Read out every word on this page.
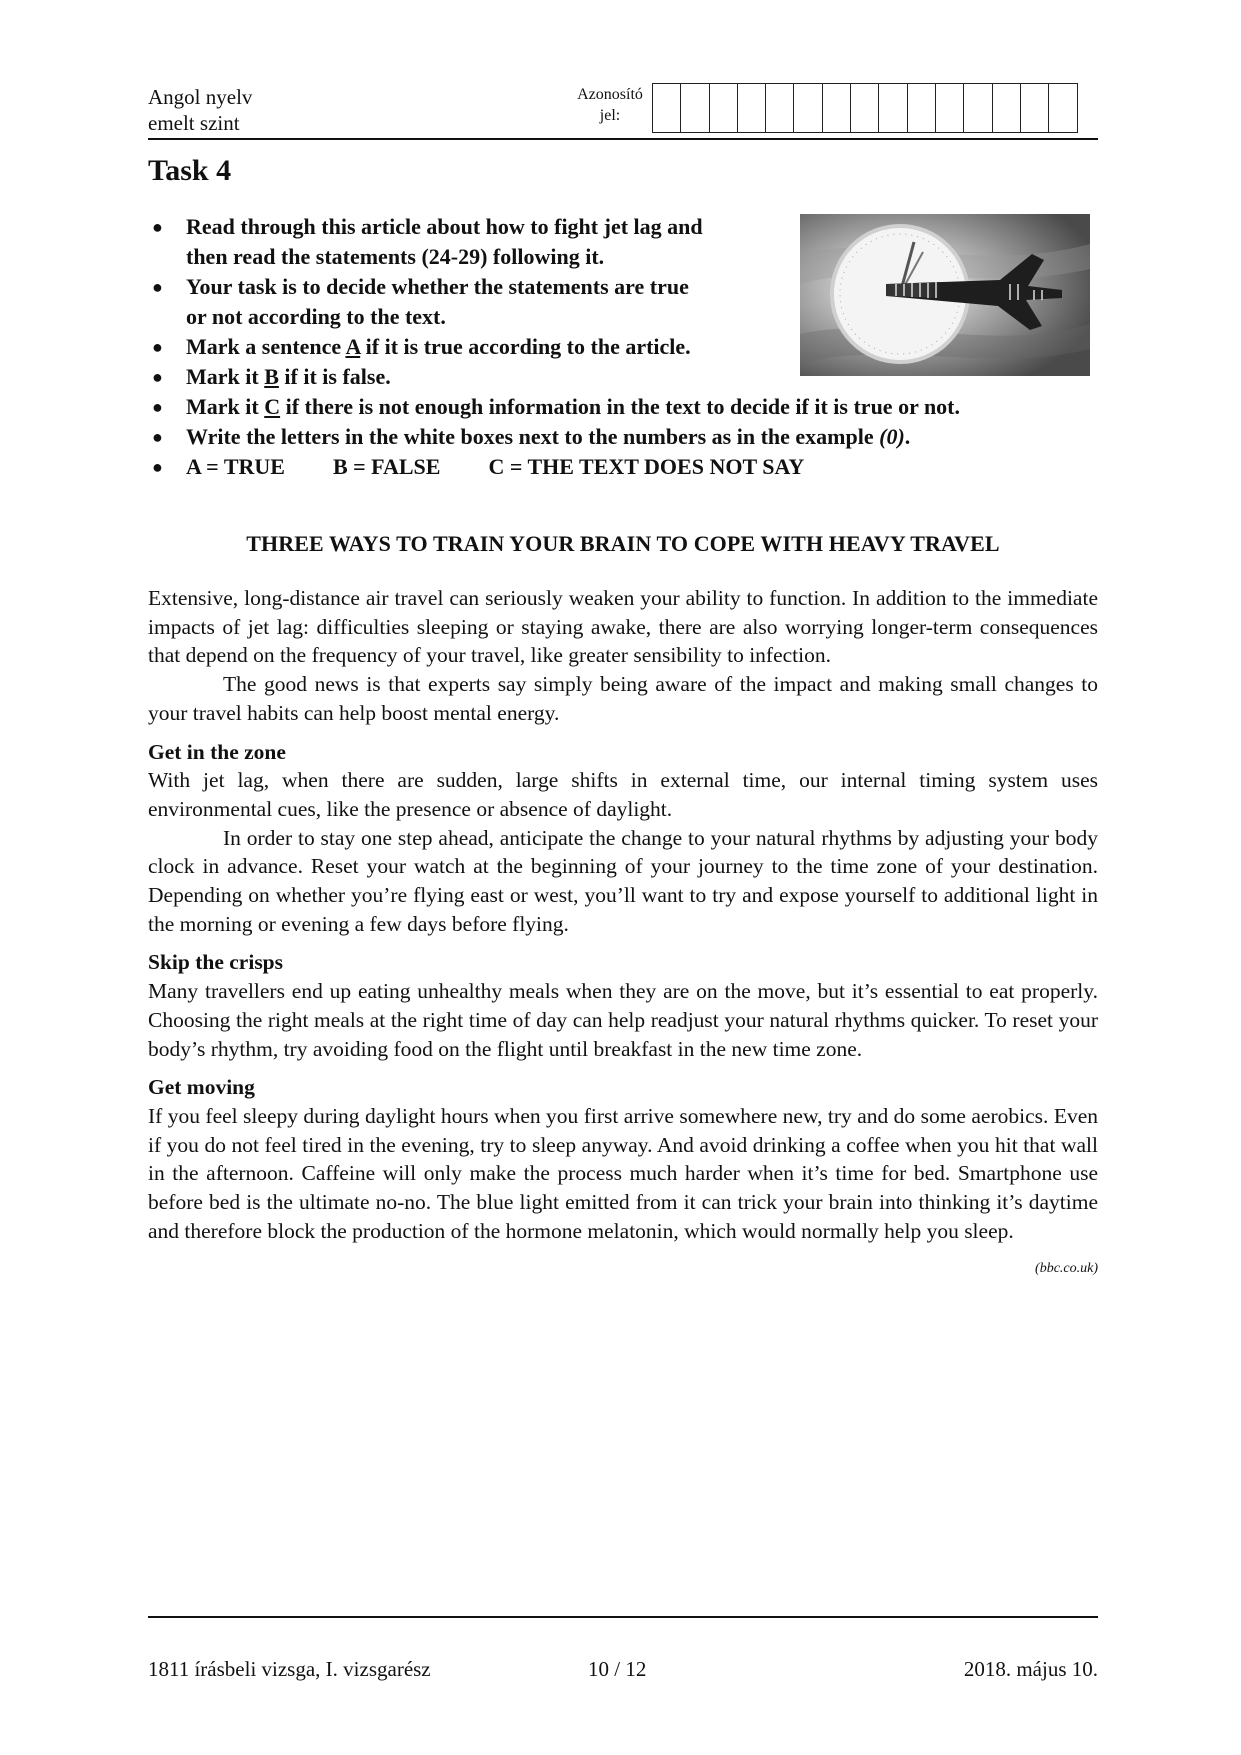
Angol nyelv
emelt szint
Azonosító
jel:
Task 4
● Read through this article about how to fight jet lag and
then read the statements (24-29) following it.
● Your task is to decide whether the statements are true
or not according to the text.
● Mark a sentence A if it is true according to the article.
● Mark it B if it is false.
● Mark it C if there is not enough information in the text to decide if it is true or not.
● Write the letters in the white boxes next to the numbers as in the example (0).
● A = TRUE B = FALSE C = THE TEXT DOES NOT SAY
THREE WAYS TO TRAIN YOUR BRAIN TO COPE WITH HEAVY TRAVEL

Extensive, long-distance air travel can seriously weaken your ability to function. In addition to the immediate impacts of jet lag: difficulties sleeping or staying awake, there are also worrying longer-term consequences that depend on the frequency of your travel, like greater sensibility to infection.

The good news is that experts say simply being aware of the impact and making small changes to your travel habits can help boost mental energy.

Get in the zone

With jet lag, when there are sudden, large shifts in external time, our internal timing system uses environmental cues, like the presence or absence of daylight.

In order to stay one step ahead, anticipate the change to your natural rhythms by adjusting your body clock in advance. Reset your watch at the beginning of your journey to the time zone of your destination. Depending on whether you’re flying east or west, you’ll want to try and expose yourself to additional light in the morning or evening a few days before flying.

Skip the crisps

Many travellers end up eating unhealthy meals when they are on the move, but it’s essential to eat properly. Choosing the right meals at the right time of day can help readjust your natural rhythms quicker. To reset your body’s rhythm, try avoiding food on the flight until breakfast in the new time zone.

Get moving

If you feel sleepy during daylight hours when you first arrive somewhere new, try and do some aerobics. Even if you do not feel tired in the evening, try to sleep anyway. And avoid drinking a coffee when you hit that wall in the afternoon. Caffeine will only make the process much harder when it’s time for bed. Smartphone use before bed is the ultimate no-no. The blue light emitted from it can trick your brain into thinking it’s daytime and therefore block the production of the hormone melatonin, which would normally help you sleep.

(bbc.co.uk)
1811 írásbeli vizsga, I. vizsgarész	10 / 12	2018. május 10.
